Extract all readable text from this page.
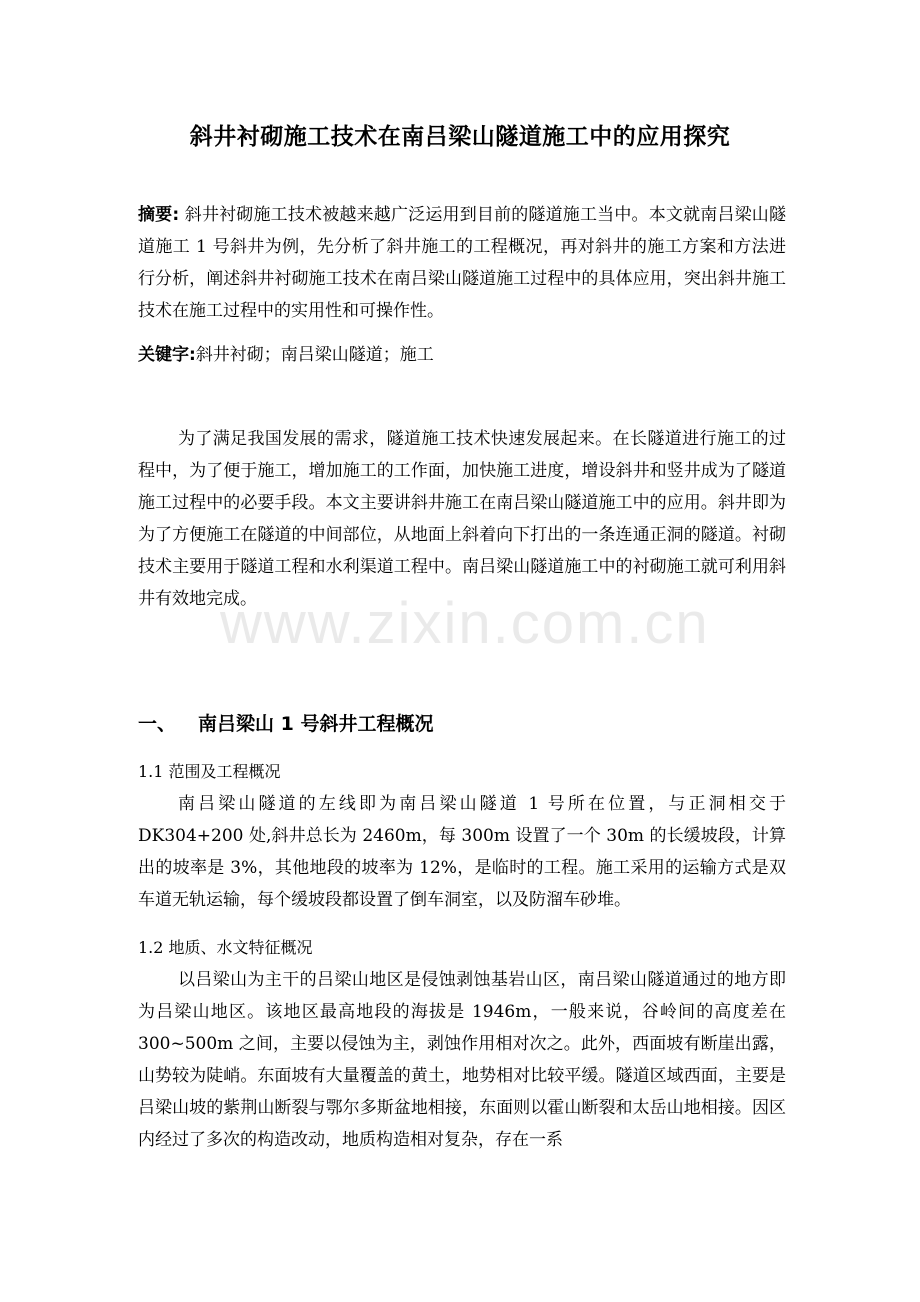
www.zixin.com.cn
斜井衬砌施工技术在南吕梁山隧道施工中的应用探究
摘要: 斜井衬砌施工技术被越来越广泛运用到目前的隧道施工当中。本文就南吕梁山隧道施工 1 号斜井为例，先分析了斜井施工的工程概况，再对斜井的施工方案和方法进行分析，阐述斜井衬砌施工技术在南吕梁山隧道施工过程中的具体应用，突出斜井施工技术在施工过程中的实用性和可操作性。
关键字:斜井衬砌；南吕梁山隧道；施工
为了满足我国发展的需求，隧道施工技术快速发展起来。在长隧道进行施工的过程中，为了便于施工，增加施工的工作面，加快施工进度，增设斜井和竖井成为了隧道施工过程中的必要手段。本文主要讲斜井施工在南吕梁山隧道施工中的应用。斜井即为为了方便施工在隧道的中间部位，从地面上斜着向下打出的一条连通正洞的隧道。衬砌技术主要用于隧道工程和水利渠道工程中。南吕梁山隧道施工中的衬砌施工就可利用斜井有效地完成。
一、 南吕梁山 1 号斜井工程概况
1.1 范围及工程概况
南吕梁山隧道的左线即为南吕梁山隧道 1 号所在位置，与正洞相交于 DK304+200 处,斜井总长为 2460m，每 300m 设置了一个 30m 的长缓坡段，计算出的坡率是 3%，其他地段的坡率为 12%，是临时的工程。施工采用的运输方式是双车道无轨运输，每个缓坡段都设置了倒车洞室，以及防溜车砂堆。
1.2 地质、水文特征概况
以吕梁山为主干的吕梁山地区是侵蚀剥蚀基岩山区，南吕梁山隧道通过的地方即为吕梁山地区。该地区最高地段的海拔是 1946m，一般来说，谷岭间的高度差在 300~500m 之间，主要以侵蚀为主，剥蚀作用相对次之。此外，西面坡有断崖出露，山势较为陡峭。东面坡有大量覆盖的黄土，地势相对比较平缓。隧道区域西面，主要是吕梁山坡的紫荆山断裂与鄂尔多斯盆地相接，东面则以霍山断裂和太岳山地相接。因区内经过了多次的构造改动，地质构造相对复杂，存在一系
